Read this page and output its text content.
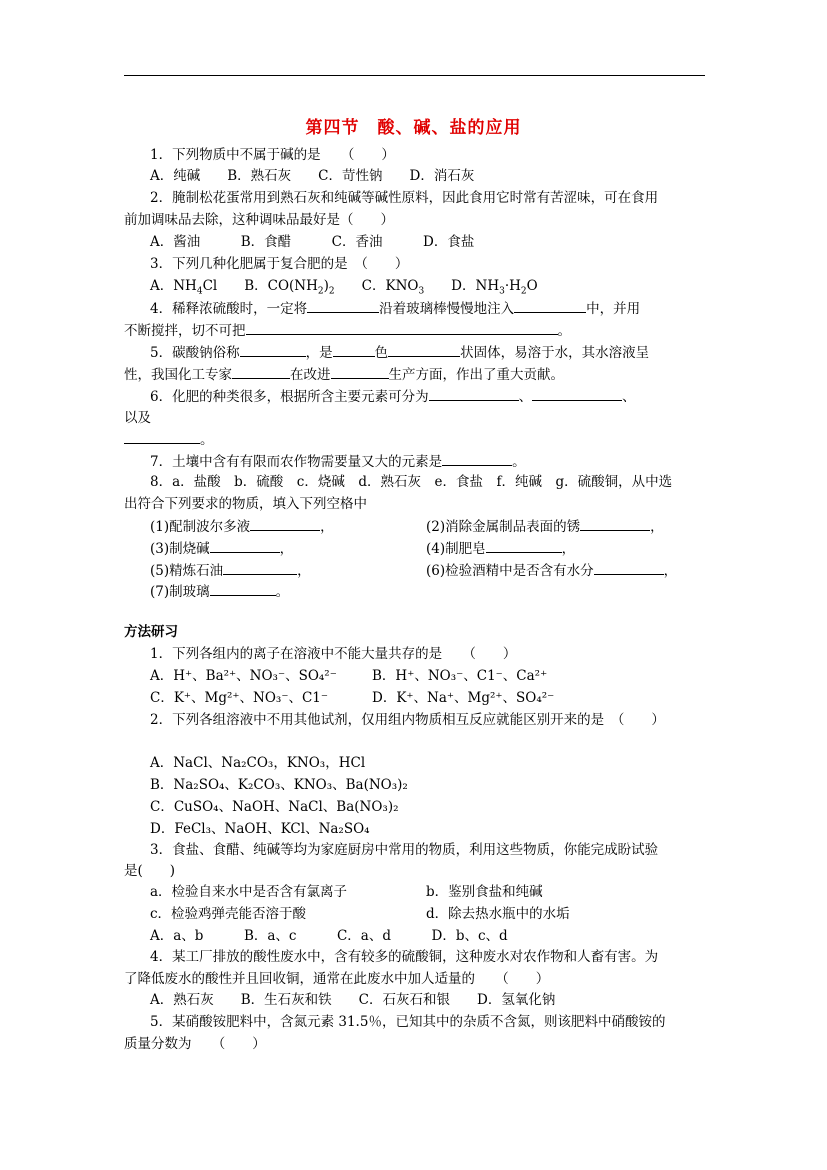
第四节　酸、碱、盐的应用
1．下列物质中不属于碱的是　　（　　）
A．纯碱　　B．熟石灰　　C．苛性钠　　D．消石灰
2．腌制松花蛋常用到熟石灰和纯碱等碱性原料，因此食用它时常有苦涩味，可在食用
前加调味品去除，这种调味品最好是（　　）
A．酱油　　　B．食醋　　　C．香油　　　D．食盐
3．下列几种化肥属于复合肥的是　（　　）
A．$NH_4Cl$　　B．$CO(NH_2)_2$　　C．$KNO_3$　　D．$NH_3\cdot H_2O$
4．稀释浓硫酸时，一定将	沿着玻璃棒慢慢地注入	中，并用
不断搅拌，切不可把	。
5．碳酸钠俗称	，是	色	状固体，易溶于水，其水溶液呈
性，我国化工专家	在改进	生产方面，作出了重大贡献。
6．化肥的种类很多，根据所含主要元素可分为	、	、
以及
。
7．土壤中含有有限而农作物需要量又大的元素是	。
8．a．盐酸　b．硫酸　c．烧碱　d．熟石灰　e．食盐　f．纯碱　g．硫酸铜，从中选
出符合下列要求的物质，填入下列空格中
(1)配制波尔多液	，	(2)消除金属制品表面的锈	，
(3)制烧碱	，	(4)制肥皂	，
(5)精炼石油	，	(6)检验酒精中是否含有水分	，
(7)制玻璃	。
方法研习
1．下列各组内的离子在溶液中不能大量共存的是　　（　　）
A．H⁺、Ba²⁺、NO₃⁻、SO₄²⁻	B．H⁺、NO₃⁻、C1⁻、Ca²⁺
C．K⁺、Mg²⁺、NO₃⁻、C1⁻	D．K⁺、Na⁺、Mg²⁺、SO₄²⁻
2．下列各组溶液中不用其他试剂，仅用组内物质相互反应就能区别开来的是　（　　）
A．NaCl、Na₂CO₃，KNO₃，HCl
B．Na₂SO₄、K₂CO₃、KNO₃、Ba(NO₃)₂
C．CuSO₄、NaOH、NaCl、Ba(NO₃)₂
D．FeCl₃、NaOH、KCl、Na₂SO₄
3．食盐、食醋、纯碱等均为家庭厨房中常用的物质，利用这些物质，你能完成盼试验
是(　　)
a．检验自来水中是否含有氯离子	b．鉴别食盐和纯碱
c．检验鸡弹壳能否溶于酸	d．除去热水瓶中的水垢
A．a、b　　　B．a、c　　　C．a、d　　　D．b、c、d
4．某工厂排放的酸性废水中，含有较多的硫酸铜，这种废水对农作物和人畜有害。为
了降低废水的酸性并且回收铜，通常在此废水中加人适量的　　（　　）
A．熟石灰　　B．生石灰和铁　　C．石灰石和银　　D．氢氧化钠
5．某硝酸铵肥料中，含氮元素 31.5％，已知其中的杂质不含氮，则该肥料中硝酸铵的
质量分数为　　（　　）
